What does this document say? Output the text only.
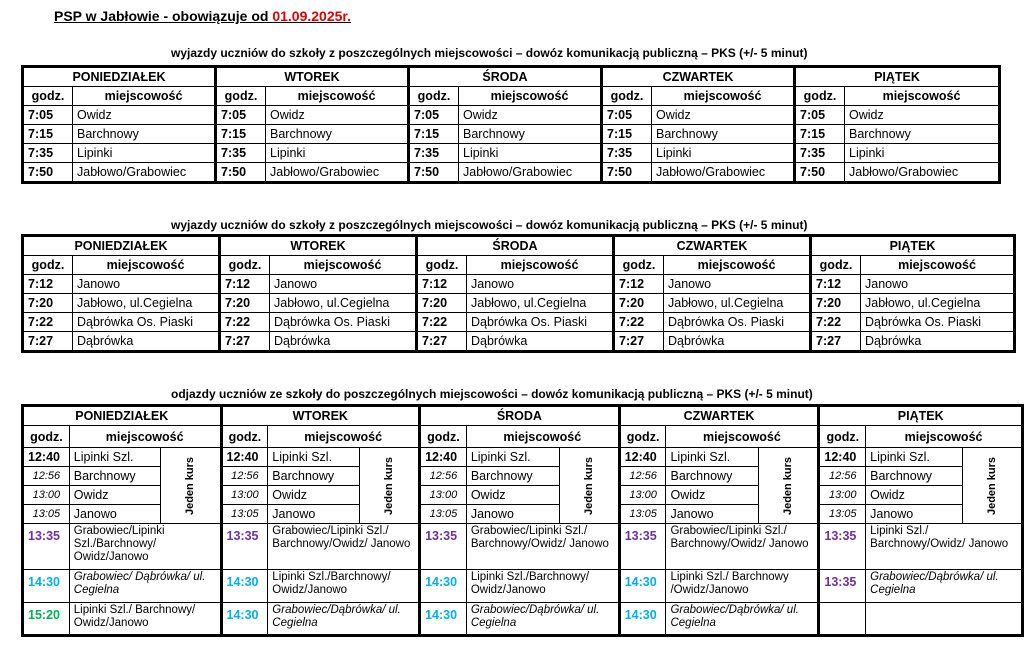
PSP w Jabłowie - obowiązuje od 01.09.2025r.
wyjazdy uczniów do szkoły z poszczególnych miejscowości – dowóz komunikacją publiczną – PKS (+/- 5 minut)
PONIEDZIAŁEK		WTOREK		ŚRODA		CZWARTEK		PIĄTEK	
godz.	miejscowość	godz.	miejscowość	godz.	miejscowość	godz.	miejscowość	godz.	miejscowość
7:05	Owidz	7:05	Owidz	7:05	Owidz	7:05	Owidz	7:05	Owidz
7:15	Barchnowy	7:15	Barchnowy	7:15	Barchnowy	7:15	Barchnowy	7:15	Barchnowy
7:35	Lipinki	7:35	Lipinki	7:35	Lipinki	7:35	Lipinki	7:35	Lipinki
7:50	Jabłowo/Grabowiec	7:50	Jabłowo/Grabowiec	7:50	Jabłowo/Grabowiec	7:50	Jabłowo/Grabowiec	7:50	Jabłowo/Grabowiec
wyjazdy uczniów do szkoły z poszczególnych miejscowości – dowóz komunikacją publiczną – PKS (+/- 5 minut)
PONIEDZIAŁEK		WTOREK		ŚRODA		CZWARTEK		PIĄTEK	
godz.	miejscowość	godz.	miejscowość	godz.	miejscowość	godz.	miejscowość	godz.	miejscowość
7:12	Janowo	7:12	Janowo	7:12	Janowo	7:12	Janowo	7:12	Janowo
7:20	Jabłowo, ul.Cegielna	7:20	Jabłowo, ul.Cegielna	7:20	Jabłowo, ul.Cegielna	7:20	Jabłowo, ul.Cegielna	7:20	Jabłowo, ul.Cegielna
7:22	Dąbrówka Os. Piaski	7:22	Dąbrówka Os. Piaski	7:22	Dąbrówka Os. Piaski	7:22	Dąbrówka Os. Piaski	7:22	Dąbrówka Os. Piaski
7:27	Dąbrówka	7:27	Dąbrówka	7:27	Dąbrówka	7:27	Dąbrówka	7:27	Dąbrówka
odjazdy uczniów ze szkoły do poszczególnych miejscowości – dowóz komunikacją publiczną – PKS (+/- 5 minut)
PONIEDZIAŁEK			WTOREK			ŚRODA			CZWARTEK			PIĄTEK		
godz.	miejscowość		godz.	miejscowość		godz.	miejscowość		godz.	miejscowość		godz.	miejscowość	
12:40	Lipinki Szl.	Jeden kurs	12:40	Lipinki Szl.	Jeden kurs	12:40	Lipinki Szl.	Jeden kurs	12:40	Lipinki Szl.	Jeden kurs	12:40	Lipinki Szl.	Jeden kurs
12:56	Barchnowy		12:56	Barchnowy		12:56	Barchnowy		12:56	Barchnowy		12:56	Barchnowy	
13:00	Owidz		13:00	Owidz		13:00	Owidz		13:00	Owidz		13:00	Owidz	
13:05	Janowo		13:05	Janowo		13:05	Janowo		13:05	Janowo		13:05	Janowo	
13:35	Grabowiec/Lipinki Szl./Barchnowy/ Owidz/Janowo		13:35	Grabowiec/Lipinki Szl./ Barchnowy/Owidz/ Janowo		13:35	Grabowiec/Lipinki Szl./ Barchnowy/Owidz/ Janowo		13:35	Grabowiec/Lipinki Szl./ Barchnowy/Owidz/ Janowo		13:35	Lipinki Szl./ Barchnowy/Owidz/ Janowo	
14:30	Grabowiec/ Dąbrówka/ ul. Cegielna		14:30	Lipinki Szl./Barchnowy/ Owidz/Janowo		14:30	Lipinki Szl./Barchnowy/ Owidz/Janowo		14:30	Lipinki Szl./ Barchnowy /Owidz/Janowo		13:35	Grabowiec/Dąbrówka/ ul. Cegielna	
15:20	Lipinki Szl./ Barchnowy/ Owidz/Janowo		14:30	Grabowiec/Dąbrówka/ ul. Cegielna		14:30	Grabowiec/Dąbrówka/ ul. Cegielna		14:30	Grabowiec/Dąbrówka/ ul. Cegielna				
